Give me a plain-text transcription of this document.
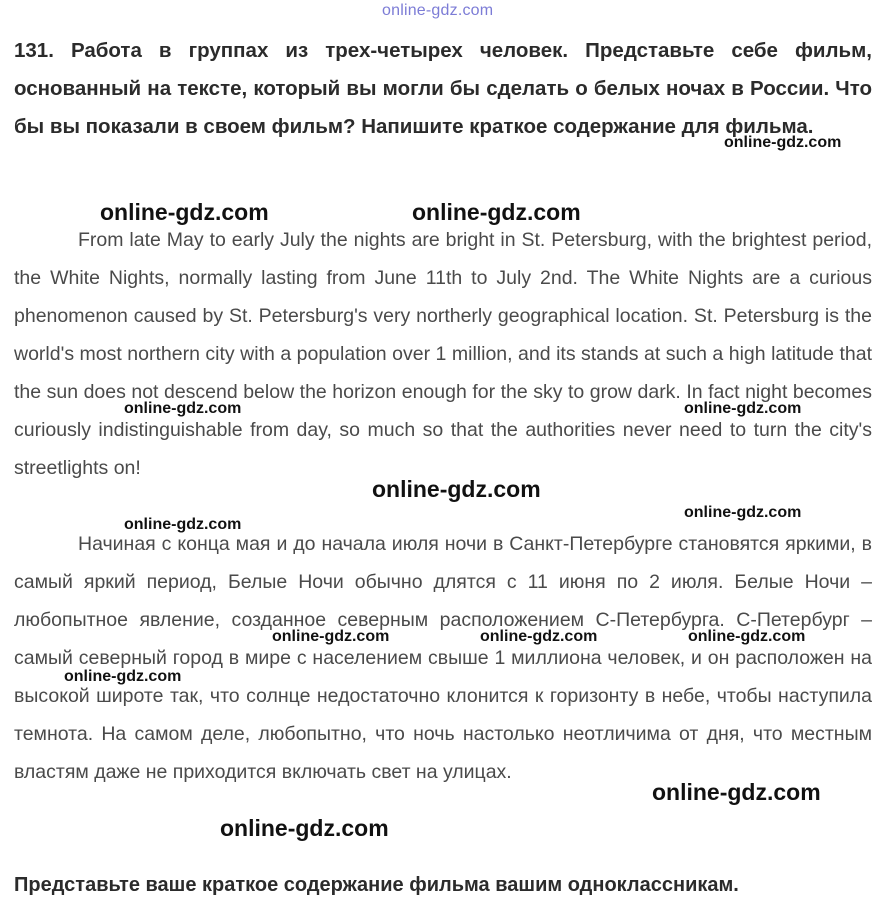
online-gdz.com

131. Работа в группах из трех-четырех человек. Представьте себе фильм, основанный на тексте, который вы могли бы сделать о белых ночах в России. Что бы вы показали в своем фильм? Напишите краткое содержание для фильма.

From late May to early July the nights are bright in St. Petersburg, with the brightest period, the White Nights, normally lasting from June 11th to July 2nd. The White Nights are a curious phenomenon caused by St. Petersburg's very northerly geographical location. St. Petersburg is the world's most northern city with a population over 1 million, and its stands at such a high latitude that the sun does not descend below the horizon enough for the sky to grow dark. In fact night becomes curiously indistinguishable from day, so much so that the authorities never need to turn the city's streetlights on!

Начиная с конца мая и до начала июля ночи в Санкт-Петербурге становятся яркими, в самый яркий период, Белые Ночи обычно длятся с 11 июня по 2 июля. Белые Ночи – любопытное явление, созданное северным расположением С-Петербурга. С-Петербург – самый северный город в мире с населением свыше 1 миллиона человек, и он расположен на высокой широте так, что солнце недостаточно клонится к горизонту в небе, чтобы наступила темнота. На самом деле, любопытно, что ночь настолько неотличима от дня, что местным властям даже не приходится включать свет на улицах.

Представьте ваше краткое содержание фильма вашим одноклассникам.

online-gdz.com
online-gdz.com	online-gdz.com
online-gdz.com	online-gdz.com
online-gdz.com
online-gdz.com
online-gdz.com
online-gdz.com	online-gdz.com	online-gdz.com
online-gdz.com
online-gdz.com
online-gdz.com
